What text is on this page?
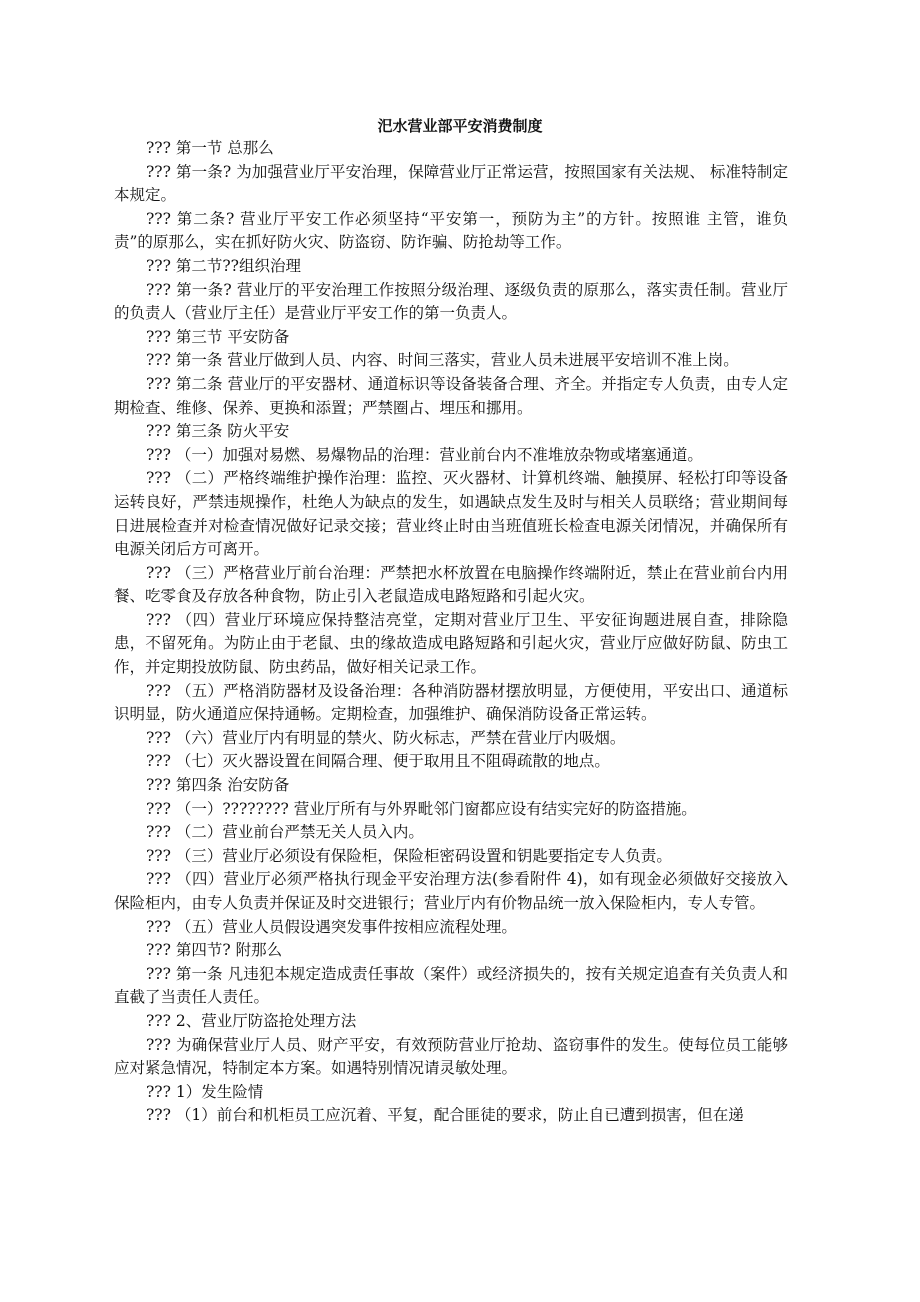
汜水营业部平安消费制度

??? 第一节 总那么

??? 第一条? 为加强营业厅平安治理，保障营业厅正常运营，按照国家有关法规、 标准特制定本规定。

??? 第二条? 营业厅平安工作必须坚持“平安第一，预防为主”的方针。按照谁 主管，谁负责”的原那么，实在抓好防火灾、防盗窃、防诈骗、防抢劫等工作。

??? 第二节??组织治理

??? 第一条? 营业厅的平安治理工作按照分级治理、逐级负责的原那么，落实责任制。营业厅的负责人（营业厅主任）是营业厅平安工作的第一负责人。

??? 第三节 平安防备

??? 第一条 营业厅做到人员、内容、时间三落实，营业人员未进展平安培训不准上岗。

??? 第二条 营业厅的平安器材、通道标识等设备装备合理、齐全。并指定专人负责，由专人定期检查、维修、保养、更换和添置；严禁圈占、埋压和挪用。

??? 第三条 防火平安

??? （一）加强对易燃、易爆物品的治理：营业前台内不准堆放杂物或堵塞通道。

??? （二）严格终端维护操作治理：监控、灭火器材、计算机终端、触摸屏、轻松打印等设备运转良好，严禁违规操作，杜绝人为缺点的发生，如遇缺点发生及时与相关人员联络；营业期间每日进展检查并对检查情况做好记录交接；营业终止时由当班值班长检查电源关闭情况，并确保所有电源关闭后方可离开。

??? （三）严格营业厅前台治理：严禁把水杯放置在电脑操作终端附近，禁止在营业前台内用餐、吃零食及存放各种食物，防止引入老鼠造成电路短路和引起火灾。

??? （四）营业厅环境应保持整洁亮堂，定期对营业厅卫生、平安征询题进展自查，排除隐患，不留死角。为防止由于老鼠、虫的缘故造成电路短路和引起火灾，营业厅应做好防鼠、防虫工作，并定期投放防鼠、防虫药品，做好相关记录工作。

??? （五）严格消防器材及设备治理：各种消防器材摆放明显，方便使用，平安出口、通道标识明显，防火通道应保持通畅。定期检查，加强维护、确保消防设备正常运转。

??? （六）营业厅内有明显的禁火、防火标志，严禁在营业厅内吸烟。

??? （七）灭火器设置在间隔合理、便于取用且不阻碍疏散的地点。

??? 第四条 治安防备

??? （一）???????? 营业厅所有与外界毗邻门窗都应设有结实完好的防盗措施。

??? （二）营业前台严禁无关人员入内。

??? （三）营业厅必须设有保险柜，保险柜密码设置和钥匙要指定专人负责。

??? （四）营业厅必须严格执行现金平安治理方法(参看附件 4)，如有现金必须做好交接放入保险柜内，由专人负责并保证及时交进银行；营业厅内有价物品统一放入保险柜内，专人专管。

??? （五）营业人员假设遇突发事件按相应流程处理。

??? 第四节? 附那么

??? 第一条 凡违犯本规定造成责任事故（案件）或经济损失的，按有关规定追查有关负责人和直截了当责任人责任。

??? 2、营业厅防盗抢处理方法

??? 为确保营业厅人员、财产平安，有效预防营业厅抢劫、盗窃事件的发生。使每位员工能够应对紧急情况，特制定本方案。如遇特别情况请灵敏处理。

??? 1）发生险情

??? （1）前台和机柜员工应沉着、平复，配合匪徒的要求，防止自已遭到损害，但在递
